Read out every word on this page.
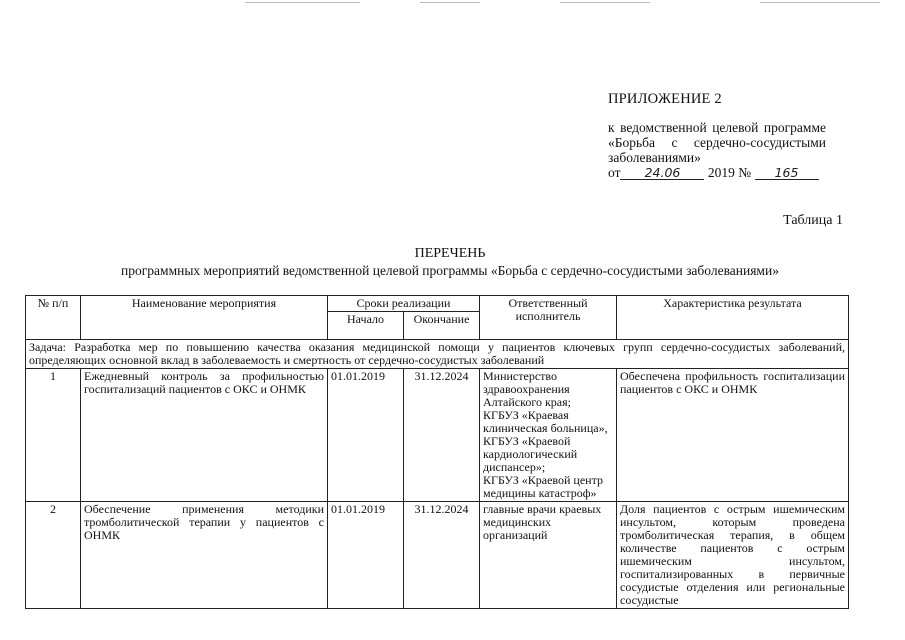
ПРИЛОЖЕНИЕ 2
к ведомственной целевой программе «Борьба с сердечно-сосудистыми заболеваниями»
от 24.06 2019 № 165
Таблица 1
ПЕРЕЧЕНЬ
программных мероприятий ведомственной целевой программы «Борьба с сердечно-сосудистыми заболеваниями»
№ п/п	Наименование мероприятия	Сроки реализации		Ответственный исполнитель	Характеристика результата
		Начало	Окончание		
Задача: Разработка мер по повышению качества оказания медицинской помощи у пациентов ключевых групп сердечно-сосудистых заболеваний, определяющих основной вклад в заболеваемость и смертность от сердечно-сосудистых заболеваний					
1	Ежедневный контроль за профильностью госпитализаций пациентов с ОКС и ОНМК	01.01.2019	31.12.2024	Министерство здравоохранения Алтайского края;
КГБУЗ «Краевая клиническая больница»,
КГБУЗ «Краевой кардиологический диспансер»;
КГБУЗ «Краевой центр медицины катастроф»	Обеспечена профильность госпитализации пациентов с ОКС и ОНМК
2	Обеспечение применения методики тромболитической терапии у пациентов с ОНМК	01.01.2019	31.12.2024	главные врачи краевых медицинских организаций	Доля пациентов с острым ишемическим инсультом, которым проведена тромболитическая терапия, в общем количестве пациентов с острым ишемическим инсультом, госпитализированных в первичные сосудистые отделения или региональные сосудистые
